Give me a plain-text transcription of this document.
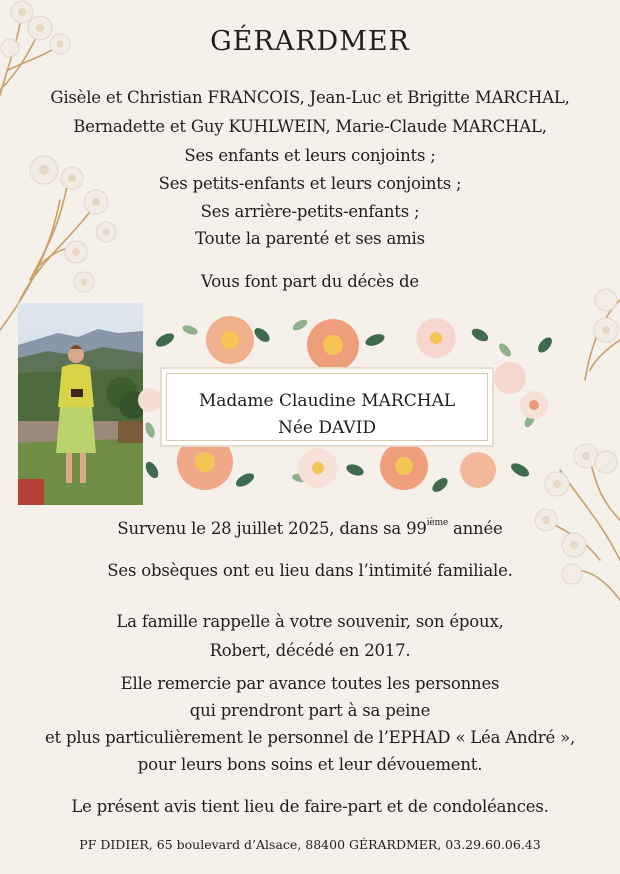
GÉRARDMER
Gisèle et Christian FRANCOIS, Jean-Luc et Brigitte MARCHAL,
Bernadette et Guy KUHLWEIN, Marie-Claude MARCHAL,
Ses enfants et leurs conjoints ;
Ses petits-enfants et leurs conjoints ;
Ses arrière-petits-enfants ;
Toute la parenté et ses amis
Vous font part du décès de
Madame Claudine MARCHAL
Née DAVID
Survenu le 28 juillet 2025, dans sa 99ième année
Ses obsèques ont eu lieu dans l’intimité familiale.
La famille rappelle à votre souvenir, son époux,
Robert, décédé en 2017.
Elle remercie par avance toutes les personnes
qui prendront part à sa peine
et plus particulièrement le personnel de l’EPHAD « Léa André »,
pour leurs bons soins et leur dévouement.
Le présent avis tient lieu de faire-part et de condoléances.
PF DIDIER, 65 boulevard d’Alsace, 88400 GÉRARDMER, 03.29.60.06.43
